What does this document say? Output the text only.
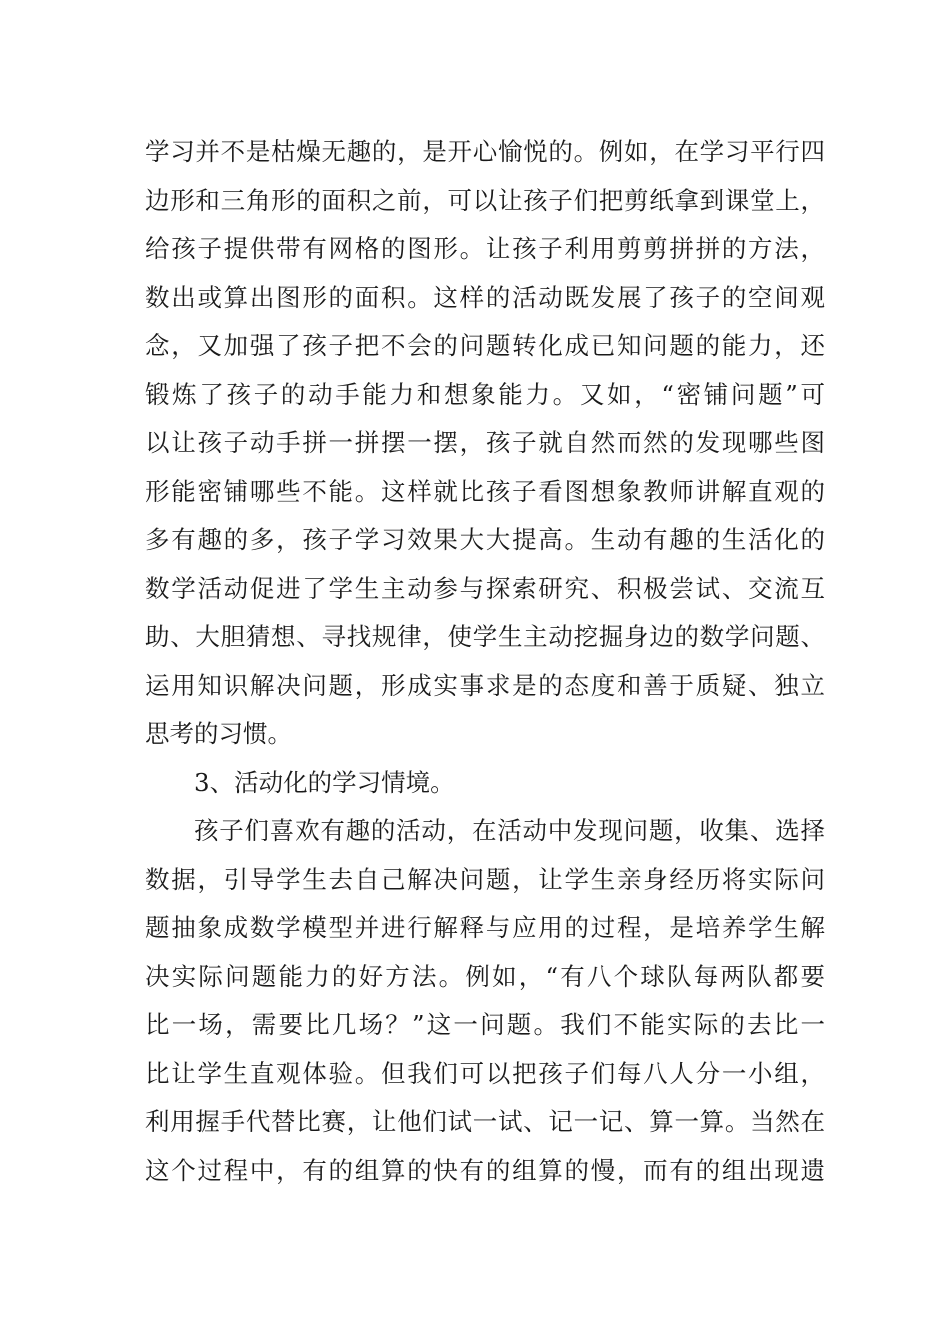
学习并不是枯燥无趣的，是开心愉悦的。例如，在学习平行四
边形和三角形的面积之前，可以让孩子们把剪纸拿到课堂上，
给孩子提供带有网格的图形。让孩子利用剪剪拼拼的方法，
数出或算出图形的面积。这样的活动既发展了孩子的空间观
念，又加强了孩子把不会的问题转化成已知问题的能力，还
锻炼了孩子的动手能力和想象能力。又如，“密铺问题”可
以让孩子动手拼一拼摆一摆，孩子就自然而然的发现哪些图
形能密铺哪些不能。这样就比孩子看图想象教师讲解直观的
多有趣的多，孩子学习效果大大提高。生动有趣的生活化的
数学活动促进了学生主动参与探索研究、积极尝试、交流互
助、大胆猜想、寻找规律，使学生主动挖掘身边的数学问题、
运用知识解决问题，形成实事求是的态度和善于质疑、独立
思考的习惯。
3、活动化的学习情境。
孩子们喜欢有趣的活动，在活动中发现问题，收集、选择
数据，引导学生去自己解决问题，让学生亲身经历将实际问
题抽象成数学模型并进行解释与应用的过程，是培养学生解
决实际问题能力的好方法。例如，“有八个球队每两队都要
比一场，需要比几场？”这一问题。我们不能实际的去比一
比让学生直观体验。但我们可以把孩子们每八人分一小组，
利用握手代替比赛，让他们试一试、记一记、算一算。当然在
这个过程中，有的组算的快有的组算的慢，而有的组出现遗
